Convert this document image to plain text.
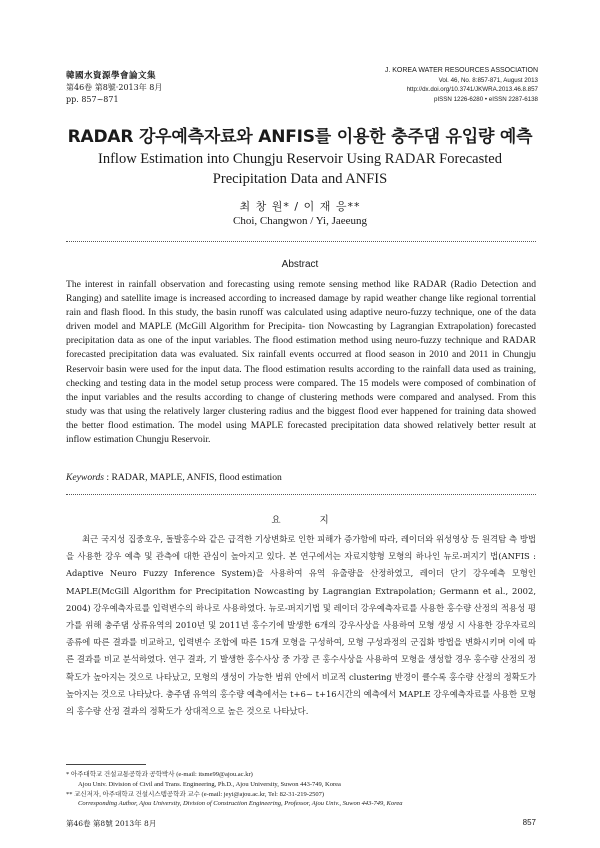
韓國水資源學會論文集
第46卷 第8號·2013年 8月
pp. 857~871
J. KOREA WATER RESOURCES ASSOCIATION
Vol. 46, No. 8:857-871, August 2013
http://dx.doi.org/10.3741/JKWRA.2013.46.8.857
pISSN 1226-6280 • eISSN 2287-6138
RADAR 강우예측자료와 ANFIS를 이용한 충주댐 유입량 예측
Inflow Estimation into Chungju Reservoir Using RADAR Forecasted
Precipitation Data and ANFIS
최 창 원* / 이 재 응**
Choi, Changwon / Yi, Jaeeung
Abstract
The interest in rainfall observation and forecasting using remote sensing method like RADAR (Radio Detection and Ranging) and satellite image is increased according to increased damage by rapid weather change like regional torrential rain and flash flood. In this study, the basin runoff was calculated using adaptive neuro-fuzzy technique, one of the data driven model and MAPLE (McGill Algorithm for Precipita- tion Nowcasting by Lagrangian Extrapolation) forecasted precipitation data as one of the input variables. The flood estimation method using neuro-fuzzy technique and RADAR forecasted precipitation data was evaluated. Six rainfall events occurred at flood season in 2010 and 2011 in Chungju Reservoir basin were used for the input data. The flood estimation results according to the rainfall data used as training, checking and testing data in the model setup process were compared. The 15 models were composed of combination of the input variables and the results according to change of clustering methods were compared and analysed. From this study was that using the relatively larger clustering radius and the biggest flood ever happened for training data showed the better flood estimation. The model using MAPLE forecasted precipitation data showed relatively better result at inflow estimation Chungju Reservoir.
Keywords : RADAR, MAPLE, ANFIS, flood estimation
요 지
최근 국지성 집중호우, 돌발홍수와 같은 급격한 기상변화로 인한 피해가 증가함에 따라, 레이더와 위성영상 등 원격탐 측 방법을 사용한 강우 예측 및 관측에 대한 관심이 높아지고 있다. 본 연구에서는 자료지향형 모형의 하나인 뉴로-퍼지기 법(ANFIS : Adaptive Neuro Fuzzy Inference System)을 사용하여 유역 유출량을 산정하였고, 레이더 단기 강우예측 모형인 MAPLE(McGill Algorithm for Precipitation Nowcasting by Lagrangian Extrapolation; Germann et al., 2002, 2004) 강우예측자료를 입력변수의 하나로 사용하였다. 뉴로-퍼지기법 및 레이더 강우예측자료를 사용한 홍수량 산정의 적용성 평가를 위해 충주댐 상류유역의 2010년 및 2011년 홍수기에 발생한 6개의 강우사상을 사용하여 모형 생성 시 사용한 강우자료의 종류에 따른 결과를 비교하고, 입력변수 조합에 따른 15개 모형을 구성하여, 모형 구성과정의 군집화 방법을 변화시키며 이에 따른 결과를 비교 분석하였다. 연구 결과, 기 발생한 홍수사상 중 가장 큰 홍수사상을 사용하여 모형을 생성할 경우 홍수량 산정의 정확도가 높아지는 것으로 나타났고, 모형의 생성이 가능한 범위 안에서 비교적 clustering 반경이 클수록 홍수량 산정의 정확도가 높아지는 것으로 나타났다. 충주댐 유역의 홍수량 예측에서는 t+6~ t+16시간의 예측에서 MAPLE 강우예측자료를 사용한 모형의 홍수량 산정 결과의 정확도가 상대적으로 높은 것으로 나타났다.
* 아주대학교 건설교통공학과 공학박사 (e-mail: itsme99@ajou.ac.kr)
Ajou Univ. Division of Civil and Trans. Engineering, Ph.D., Ajou University, Suwon 443-749, Korea
** 교신저자, 아주대학교 건설시스템공학과 교수 (e-mail: jeyi@ajou.ac.kr, Tel: 82-31-219-2507)
Corresponding Author, Ajou University, Division of Construction Engineering, Professor, Ajou Univ., Suwon 443-749, Korea
第46卷 第8號 2013年 8月	857
